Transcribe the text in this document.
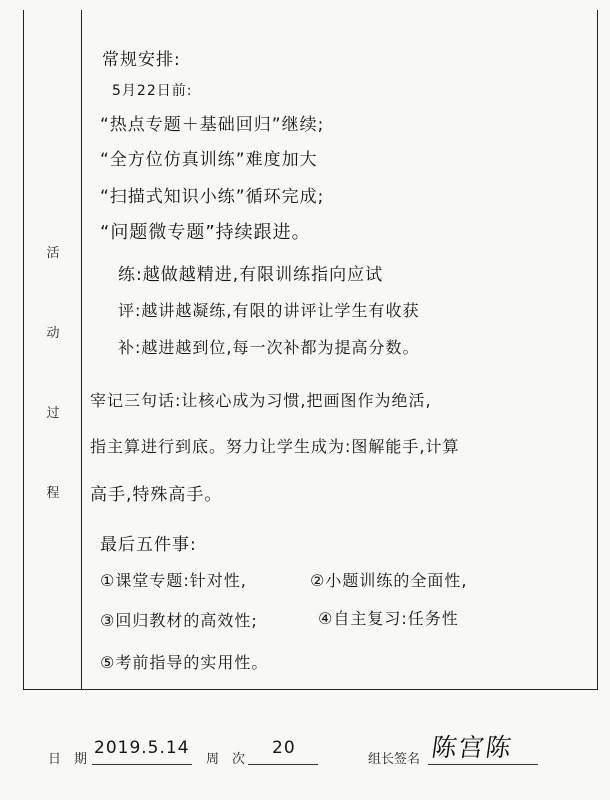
活
动
过
程
常规安排:
5月22日前:
“热点专题＋基础回归”继续;
“全方位仿真训练”难度加大
“扫描式知识小练”循环完成;
“问题微专题”持续跟进。
练:越做越精进,有限训练指向应试
评:越讲越凝练,有限的讲评让学生有收获
补:越进越到位,每一次补都为提高分数。
宰记三句话:让核心成为习惯,把画图作为绝活,
指主算进行到底。努力让学生成为:图解能手,计算
高手,特殊高手。
最后五件事:
①课堂专题:针对性,	②小题训练的全面性,
③回归教材的高效性;	④自主复习:任务性
⑤考前指导的实用性。
日　期
2019.5.14
周　次
20
组长签名 陈宫陈
